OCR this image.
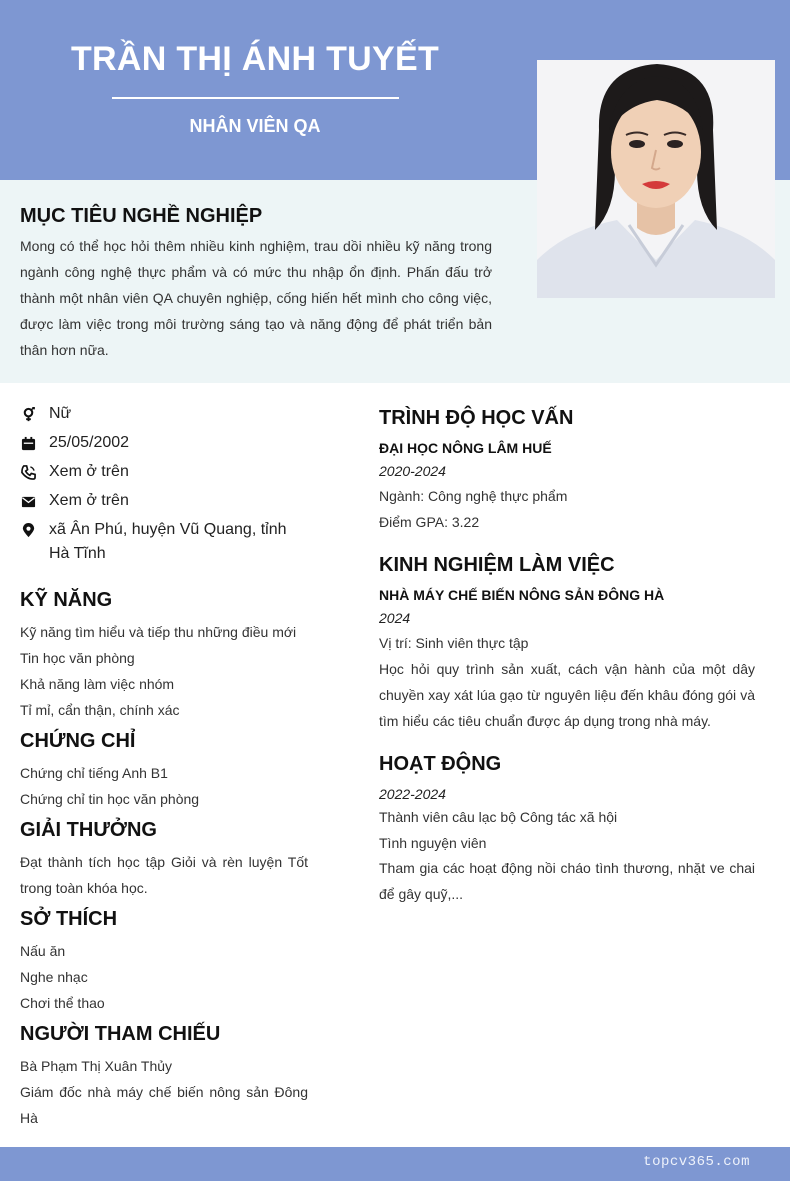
TRẦN THỊ ÁNH TUYẾT
NHÂN VIÊN QA
MỤC TIÊU NGHỀ NGHIỆP
Mong có thể học hỏi thêm nhiều kinh nghiệm, trau dồi nhiều kỹ năng trong ngành công nghệ thực phẩm và có mức thu nhập ổn định. Phấn đấu trở thành một nhân viên QA chuyên nghiệp, cống hiến hết mình cho công việc, được làm việc trong môi trường sáng tạo và năng động để phát triển bản thân hơn nữa.
Nữ
25/05/2002
Xem ở trên
Xem ở trên
xã Ân Phú, huyện Vũ Quang, tỉnh Hà Tĩnh
KỸ NĂNG
Kỹ năng tìm hiểu và tiếp thu những điều mới
Tin học văn phòng
Khả năng làm việc nhóm
Tỉ mỉ, cẩn thận, chính xác
CHỨNG CHỈ
Chứng chỉ tiếng Anh B1
Chứng chỉ tin học văn phòng
GIẢI THƯỞNG
Đạt thành tích học tập Giỏi và rèn luyện Tốt trong toàn khóa học.
SỞ THÍCH
Nấu ăn
Nghe nhạc
Chơi thể thao
NGƯỜI THAM CHIẾU
Bà Phạm Thị Xuân Thủy
Giám đốc nhà máy chế biến nông sản Đông Hà
TRÌNH ĐỘ HỌC VẤN
ĐẠI HỌC NÔNG LÂM HUẾ
2020-2024
Ngành: Công nghệ thực phẩm
Điểm GPA: 3.22
KINH NGHIỆM LÀM VIỆC
NHÀ MÁY CHẾ BIẾN NÔNG SẢN ĐÔNG HÀ
2024
Vị trí: Sinh viên thực tập
Học hỏi quy trình sản xuất, cách vận hành của một dây chuyền xay xát lúa gạo từ nguyên liệu đến khâu đóng gói và tìm hiểu các tiêu chuẩn được áp dụng trong nhà máy.
HOẠT ĐỘNG
2022-2024
Thành viên câu lạc bộ Công tác xã hội
Tình nguyện viên
Tham gia các hoạt động nồi cháo tình thương, nhặt ve chai để gây quỹ,...
topcv365.com
